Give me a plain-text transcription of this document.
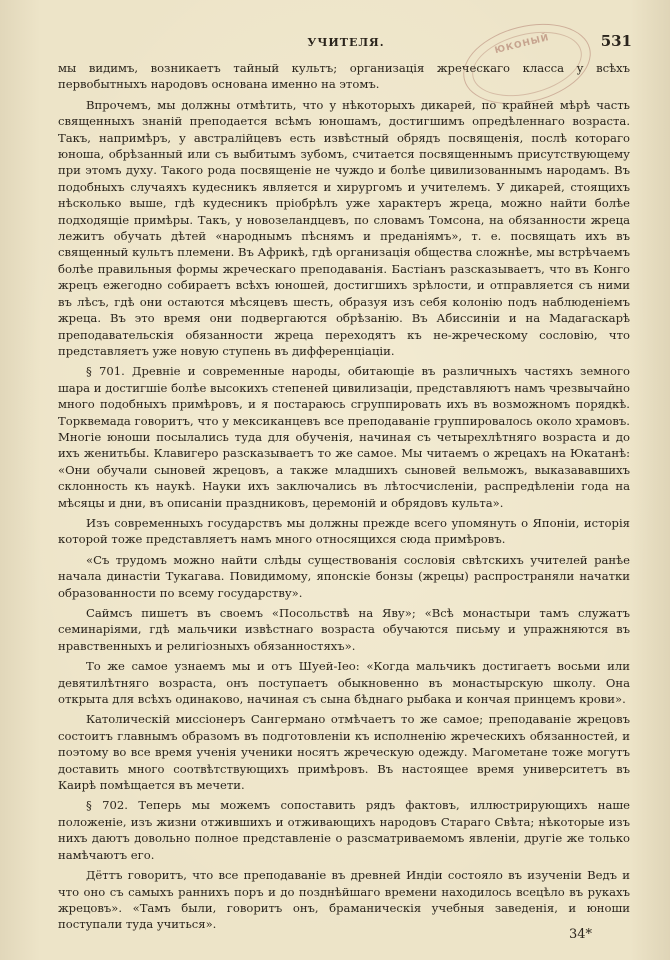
ЮКОНЫЙ
УЧИТЕЛЯ.	531

мы видимъ, возникаетъ тайный культъ; организація жреческаго класса у всѣхъ первобытныхъ народовъ основана именно на этомъ.

Впрочемъ, мы должны отмѣтить, что у нѣкоторыхъ дикарей, по крайней мѣрѣ часть священныхъ знаній преподается всѣмъ юношамъ, достигшимъ опредѣленнаго возраста. Такъ, напримѣръ, у австралійцевъ есть извѣстный обрядъ посвященія, послѣ котораго юноша, обрѣзанный или съ выбитымъ зубомъ, считается посвященнымъ присутствующему при этомъ духу. Такого рода посвященіе не чуждо и болѣе цивилизованнымъ народамъ. Въ подобныхъ случаяхъ кудесникъ является и хирургомъ и учителемъ. У дикарей, стоящихъ нѣсколько выше, гдѣ кудесникъ пріобрѣлъ уже характеръ жреца, можно найти болѣе подходящіе примѣры. Такъ, у новозеландцевъ, по словамъ Томсона, на обязанности жреца лежитъ обучать дѣтей «народнымъ пѣснямъ и преданіямъ», т. е. посвящать ихъ въ священный культъ племени. Въ Африкѣ, гдѣ организація общества сложнѣе, мы встрѣчаемъ болѣе правильныя формы жреческаго преподаванія. Бастіанъ разсказываетъ, что въ Конго жрецъ ежегодно собираетъ всѣхъ юношей, достигшихъ зрѣлости, и отправляется съ ними въ лѣсъ, гдѣ они остаются мѣсяцевъ шесть, образуя изъ себя колонію подъ наблюденіемъ жреца. Въ это время они подвергаются обрѣзанію. Въ Абиссиніи и на Мадагаскарѣ преподавательскія обязанности жреца переходятъ къ не-жреческому сословію, что представляетъ уже новую ступень въ дифференціаціи.

§ 701. Древніе и современные народы, обитающіе въ различныхъ частяхъ земного шара и достигшіе болѣе высокихъ степеней цивилизаціи, представляютъ намъ чрезвычайно много подобныхъ примѣровъ, и я постараюсь сгруппировать ихъ въ возможномъ порядкѣ. Торквемада говоритъ, что у мексиканцевъ все преподаваніе группировалось около храмовъ. Многіе юноши посылались туда для обученія, начиная съ четырехлѣтняго возраста и до ихъ женитьбы. Клавигеро разсказываетъ то же самое. Мы читаемъ о жрецахъ на Юкатанѣ: «Они обучали сыновей жрецовъ, а также младшихъ сыновей вельможъ, выказававшихъ склонность къ наукѣ. Науки ихъ заключались въ лѣтосчисленіи, распредѣленіи года на мѣсяцы и дни, въ описаніи праздниковъ, церемоній и обрядовъ культа».

Изъ современныхъ государствъ мы должны прежде всего упомянуть о Японіи, исторія которой тоже представляетъ намъ много относящихся сюда примѣровъ.

«Съ трудомъ можно найти слѣды существованія сословія свѣтскихъ учителей ранѣе начала династіи Тукагава. Повидимому, японскіе бонзы (жрецы) распространяли начатки образованности по всему государству».

Саймсъ пишетъ въ своемъ «Посольствѣ на Яву»; «Всѣ монастыри тамъ служатъ семинаріями, гдѣ мальчики извѣстнаго возраста обучаются письму и упражняются въ нравственныхъ и религіозныхъ обязанностяхъ».

То же самое узнаемъ мы и отъ Шуей-Іео: «Когда мальчикъ достигаетъ восьми или девятилѣтняго возраста, онъ поступаетъ обыкновенно въ монастырскую школу. Она открыта для всѣхъ одинаково, начиная съ сына бѣднаго рыбака и кончая принцемъ крови».

Католическій миссіонеръ Сангермано отмѣчаетъ то же самое; преподаваніе жрецовъ состоитъ главнымъ образомъ въ подготовленіи къ исполненію жреческихъ обязанностей, и поэтому во все время ученія ученики носятъ жреческую одежду. Магометане тоже могутъ доставить много соотвѣтствующихъ примѣровъ. Въ настоящее время университетъ въ Каирѣ помѣщается въ мечети.

§ 702. Теперь мы можемъ сопоставить рядъ фактовъ, иллюстрирующихъ наше положеніе, изъ жизни отжившихъ и отживающихъ народовъ Стараго Свѣта; нѣкоторые изъ нихъ даютъ довольно полное представленіе о разсматриваемомъ явленіи, другіе же только намѣчаютъ его.

Дёттъ говоритъ, что все преподаваніе въ древней Индіи состояло въ изученіи Ведъ и что оно съ самыхъ раннихъ поръ и до позднѣйшаго времени находилось всецѣло въ рукахъ жрецовъ». «Тамъ были, говоритъ онъ, браманическія учебныя заведенія, и юноши поступали туда учиться».

34*
